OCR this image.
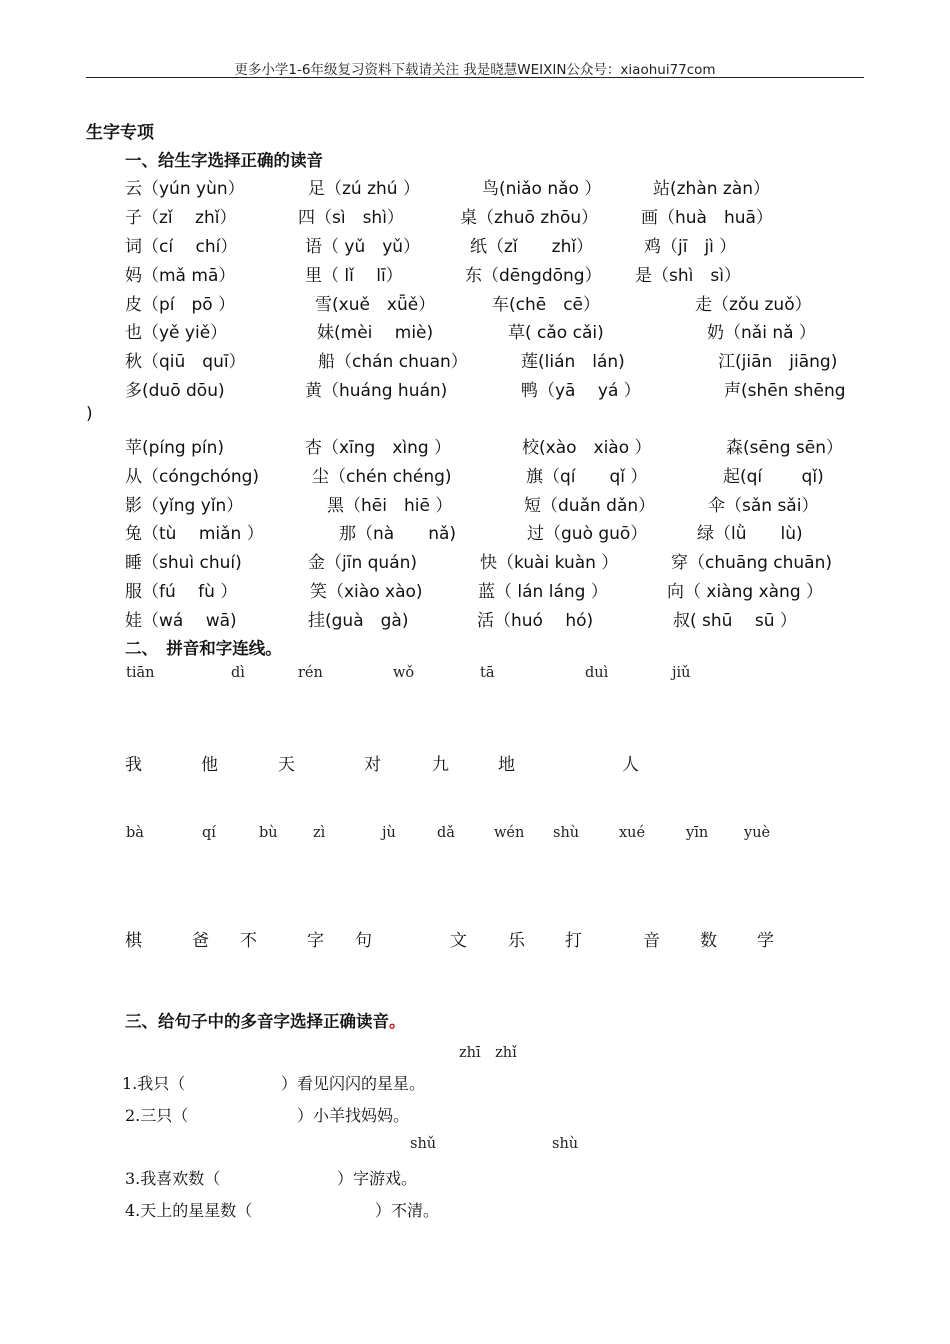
更多小学1-6年级复习资料下载请关注 我是晓慧WEIXIN公众号：xiaohui77com
生字专项
一、给生字选择正确的读音
云（yún yùn）	足（zú zhú ）	鸟(niǎo nǎo ）	站(zhàn zàn）
子（zǐ　 zhǐ）	四（sì　shì）	桌（zhuō zhōu）	画（huà　huā）
词（cí　 chí）	语（ yǔ　yǔ）	纸（zǐ　　zhǐ）	鸡（jī　jì ）
妈（mǎ mā）	里（ lǐ　 lī）	东（dēngdōng） 是（shì　sì）
皮（pí　pō ）	雪(xuě　xǖě）	车(chē　cē）	走（zǒu zuǒ）
也（yě yiě）	妹(mèi　 miè)	草( cǎo cǎi)	奶（nǎi nǎ ）
秋（qiū　quī）	船（chán chuan）	莲(lián　lán)	江(jiān　jiāng)
多(duō dōu)	黄（huáng huán)	鸭（yā　 yá ）	声(shēn shēng
苹(píng pín)	杏（xīng　xìng ）	校(xào　xiào ）	森(sēng sēn）
从（cóngchóng)	尘（chén chéng)	旗（qí　　qǐ ）	起(qí　　 qǐ)
影（yǐng yǐn）	黑（hēi　hiē ）	短（duǎn dǎn）	伞（sǎn sǎi）
兔（tù　 miǎn ）	那（nà　　nǎ)	过（guò guō）	绿（lǜ　　lù)
睡（shuì chuí)	金（jīn quán)	快（kuài kuàn ）	穿（chuāng chuān)
服（fú　 fù ）	笑（xiào xào)	蓝（ lán láng ）	向（ xiàng xàng ）
娃（wá　 wā)	挂(guà　gà)	活（huó　 hó)	叔( shū　 sū ）
)
二、　拼音和字连线。
tiān	dì	rén	wǒ	tā	duì	jiǔ
我	他	天	对	九	地	人
bà	qí	bù zì	jù	dǎ	wén shù	xué	yīn yuè
棋	爸 不	字 句	文 乐 打	音 数 学
三、给句子中的多音字选择正确读音。
zhī　zhǐ
1.我只（	）看见闪闪的星星。
2.三只（	）小羊找妈妈。
shǔ	shù
3.我喜欢数（	）字游戏。
4.天上的星星数（	）不清。
